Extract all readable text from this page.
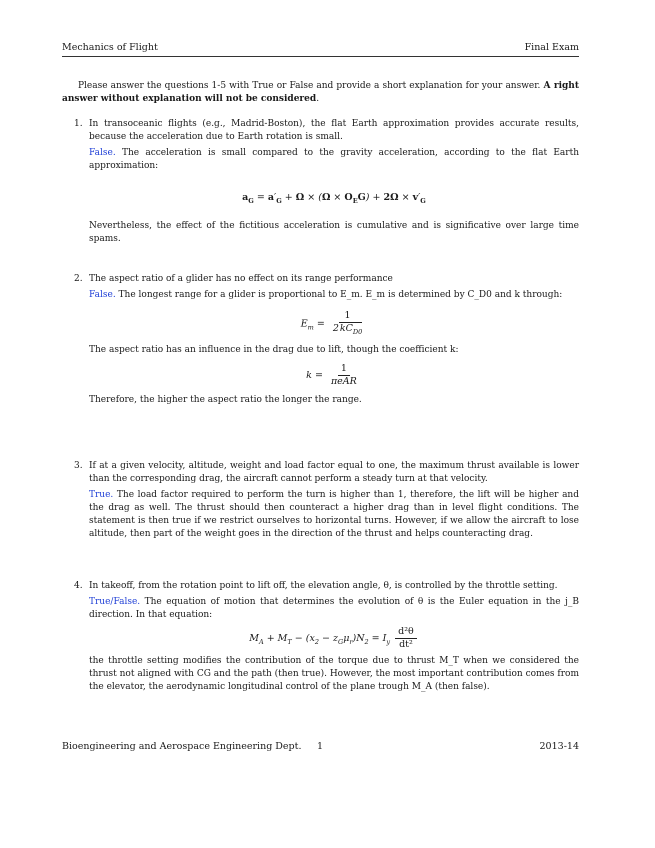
Mechanics of Flight	Final Exam
Please answer the questions 1-5 with True or False and provide a short explanation for your answer. A right answer without explanation will not be considered.
1. In transoceanic flights (e.g., Madrid-Boston), the flat Earth approximation provides accurate results, because the acceleration due to Earth rotation is small.

False. The acceleration is small compared to the gravity acceleration, according to the flat Earth approximation:

$a_G = a'_G + \Omega \times (\Omega \times O_EG) + 2\Omega \times v'_G$

Nevertheless, the effect of the fictitious acceleration is cumulative and is significative over large time spams.

2. The aspect ratio of a glider has no effect on its range performance

False. The longest range for a glider is proportional to E_m. E_m is determined by C_D0 and k through:

$E_m = \frac{1}{2kC_{D0}}$

The aspect ratio has an influence in the drag due to lift, though the coefficient k:

$k = \frac{1}{\text{πeAR}}$

Therefore, the higher the aspect ratio the longer the range.

3. If at a given velocity, altitude, weight and load factor equal to one, the maximum thrust available is lower than the corresponding drag, the aircraft cannot perform a steady turn at that velocity.

True. The load factor required to perform the turn is higher than 1, therefore, the lift will be higher and the drag as well. The thrust should then counteract a higher drag than in level flight conditions. The statement is then true if we restrict ourselves to horizontal turns. However, if we allow the aircraft to lose altitude, then part of the weight goes in the direction of the thrust and helps counteracting drag.

4. In takeoff, from the rotation point to lift off, the elevation angle, θ, is controlled by the throttle setting.

True/False. The equation of motion that determines the evolution of θ is the Euler equation in the j_B direction. In that equation:

$M_A + M_T - (x_2 - z_G\mu_r)N_2 = I_y \frac{\text{d²θ}}{\text{dt²}}$

the throttle setting modifies the contribution of the torque due to thrust M_T when we considered the thrust not aligned with CG and the path (then true). However, the most important contribution comes from the elevator, the aerodynamic longitudinal control of the plane trough M_A (then false).

Bioengineering and Aerospace Engineering Dept. 1	2013-14
